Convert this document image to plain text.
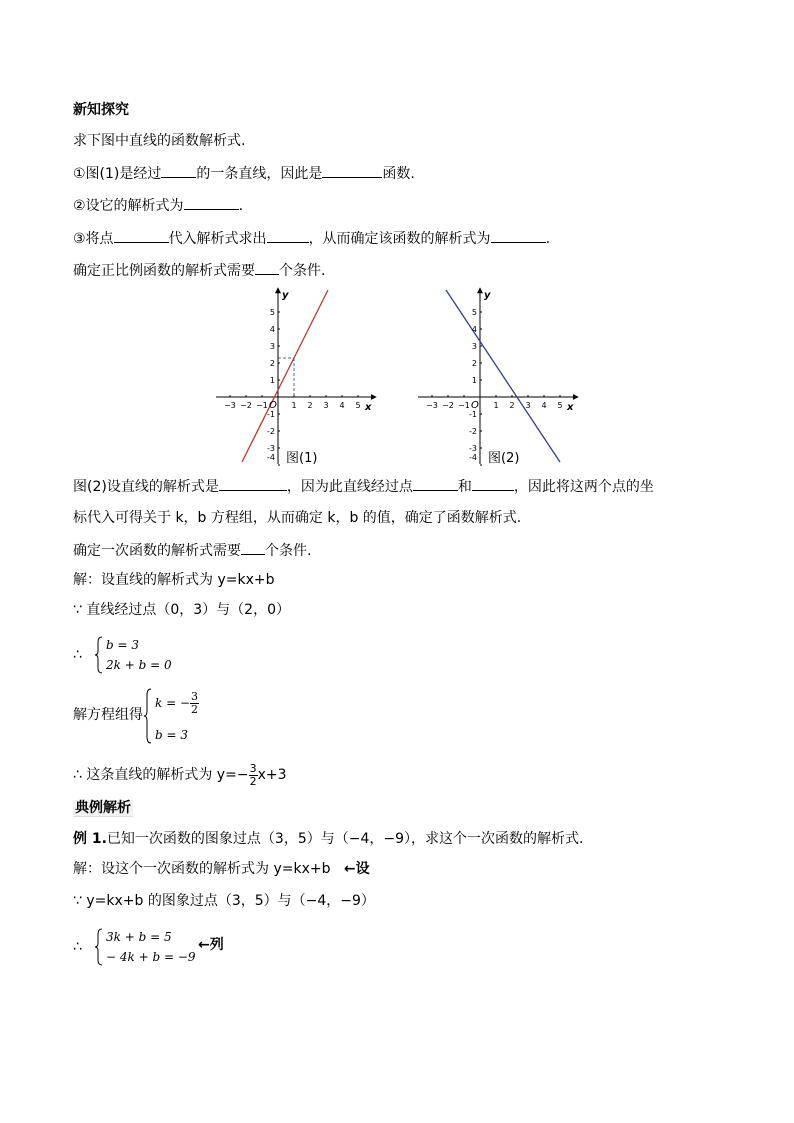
新知探究
求下图中直线的函数解析式.
①图(1)是经过	的一条直线，因此是	函数.
②设它的解析式为	.
③将点	代入解析式求出	，从而确定该函数的解析式为	.
确定正比例函数的解析式需要 个条件.
y
x
O
−3 −2 −1	1 2 3 4 5
5
4
3
2
1
-1
-2
-3
-4 图(1)
y
x
O
−3 −2 −1	1 2 3 4 5
5
4
3
2
1
-1
-2
-3
-4 图(2)
图(2)设直线的解析式是	，因为此直线经过点	和	，因此将这两个点的坐
标代入可得关于 k，b 方程组，从而确定 k，b 的值，确定了函数解析式.
确定一次函数的解析式需要 个条件.
解：设直线的解析式为 y=kx+b
∵ 直线经过点（0，3）与（2，0）
∴
b = 3
2k + b = 0
解方程组得
k = − $\frac{3}{2}$
b = 3
∴ 这条直线的解析式为 $y=- \frac{3}{2} x+3$
典例解析
例 1.已知一次函数的图象过点（3，5）与（−4，−9），求这个一次函数的解析式.
解：设这个一次函数的解析式为 y=kx+b ←设
∵ y=kx+b 的图象过点（3，5）与（−4，−9）
∴
3k + b = 5
− 4k + b = −9
←列
